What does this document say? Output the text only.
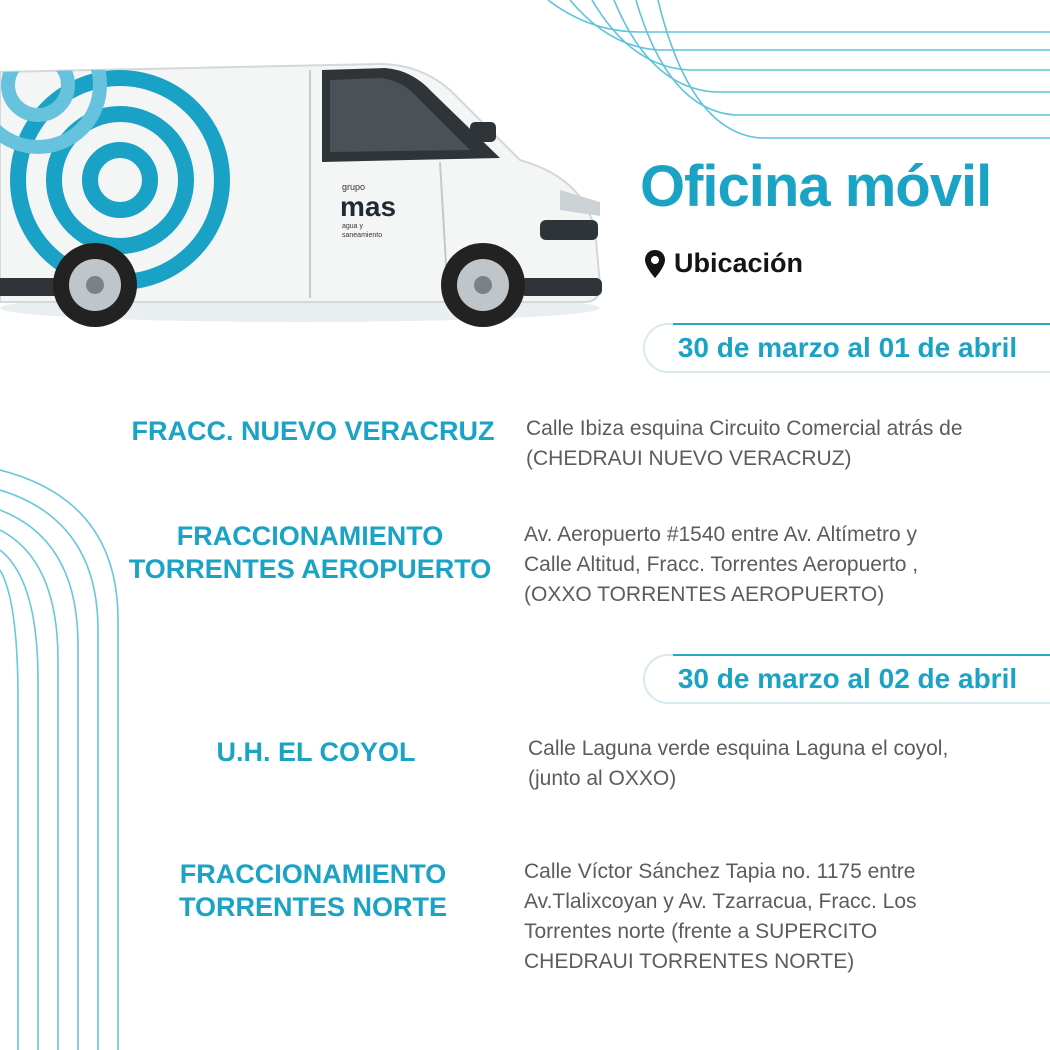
grupo
mas
agua y
saneamiento
Oficina móvil
Ubicación
30 de marzo al 01 de abril
FRACC. NUEVO VERACRUZ	Calle Ibiza esquina Circuito Comercial atrás de
(CHEDRAUI NUEVO VERACRUZ)
FRACCIONAMIENTO
TORRENTES AEROPUERTO
Av. Aeropuerto #1540 entre Av. Altímetro y
Calle Altitud, Fracc. Torrentes Aeropuerto ,
(OXXO TORRENTES AEROPUERTO)
30 de marzo al 02 de abril
U.H. EL COYOL	Calle Laguna verde esquina Laguna el coyol,
(junto al OXXO)
FRACCIONAMIENTO
TORRENTES NORTE
Calle Víctor Sánchez Tapia no. 1175 entre
Av.Tlalixcoyan y Av. Tzarracua, Fracc. Los
Torrentes norte (frente a SUPERCITO
CHEDRAUI TORRENTES NORTE)
